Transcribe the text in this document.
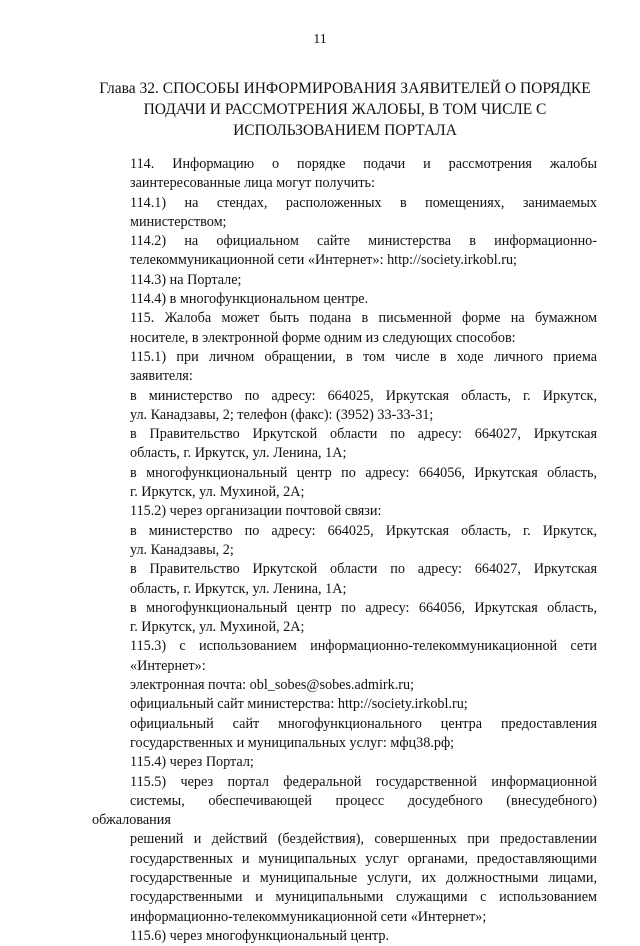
11
Глава 32. СПОСОБЫ ИНФОРМИРОВАНИЯ ЗАЯВИТЕЛЕЙ О ПОРЯДКЕ
ПОДАЧИ И РАССМОТРЕНИЯ ЖАЛОБЫ, В ТОМ ЧИСЛЕ С
ИСПОЛЬЗОВАНИЕМ ПОРТАЛА

114. Информацию о порядке подачи и рассмотрения жалобы
заинтересованные лица могут получить:

114.1) на стендах, расположенных в помещениях, занимаемых
министерством;

114.2) на официальном сайте министерства в информационно-
телекоммуникационной сети «Интернет»: http://society.irkobl.ru;

114.3) на Портале;

114.4) в многофункциональном центре.

115. Жалоба может быть подана в письменной форме на бумажном
носителе, в электронной форме одним из следующих способов:

115.1) при личном обращении, в том числе в ходе личного приема
заявителя:

в министерство по адресу: 664025, Иркутская область, г. Иркутск,
ул. Канадзавы, 2; телефон (факс): (3952) 33-33-31;

в Правительство Иркутской области по адресу: 664027, Иркутская
область, г. Иркутск, ул. Ленина, 1А;

в многофункциональный центр по адресу: 664056, Иркутская область,
г. Иркутск, ул. Мухиной, 2А;

115.2) через организации почтовой связи:

в министерство по адресу: 664025, Иркутская область, г. Иркутск,
ул. Канадзавы, 2;

в Правительство Иркутской области по адресу: 664027, Иркутская
область, г. Иркутск, ул. Ленина, 1А;

в многофункциональный центр по адресу: 664056, Иркутская область,
г. Иркутск, ул. Мухиной, 2А;

115.3) с использованием информационно-телекоммуникационной сети
«Интернет»:

электронная почта: obl_sobes@sobes.admirk.ru;

официальный сайт министерства: http://society.irkobl.ru;

официальный сайт многофункционального центра предоставления
государственных и муниципальных услуг: мфц38.рф;

115.4) через Портал;

115.5) через портал федеральной государственной информационной
системы, обеспечивающей процесс досудебного (внесудебного) обжалования
решений и действий (бездействия), совершенных при предоставлении
государственных и муниципальных услуг органами, предоставляющими
государственные и муниципальные услуги, их должностными лицами,
государственными и муниципальными служащими с использованием
информационно-телекоммуникационной сети «Интернет»;

115.6) через многофункциональный центр.
